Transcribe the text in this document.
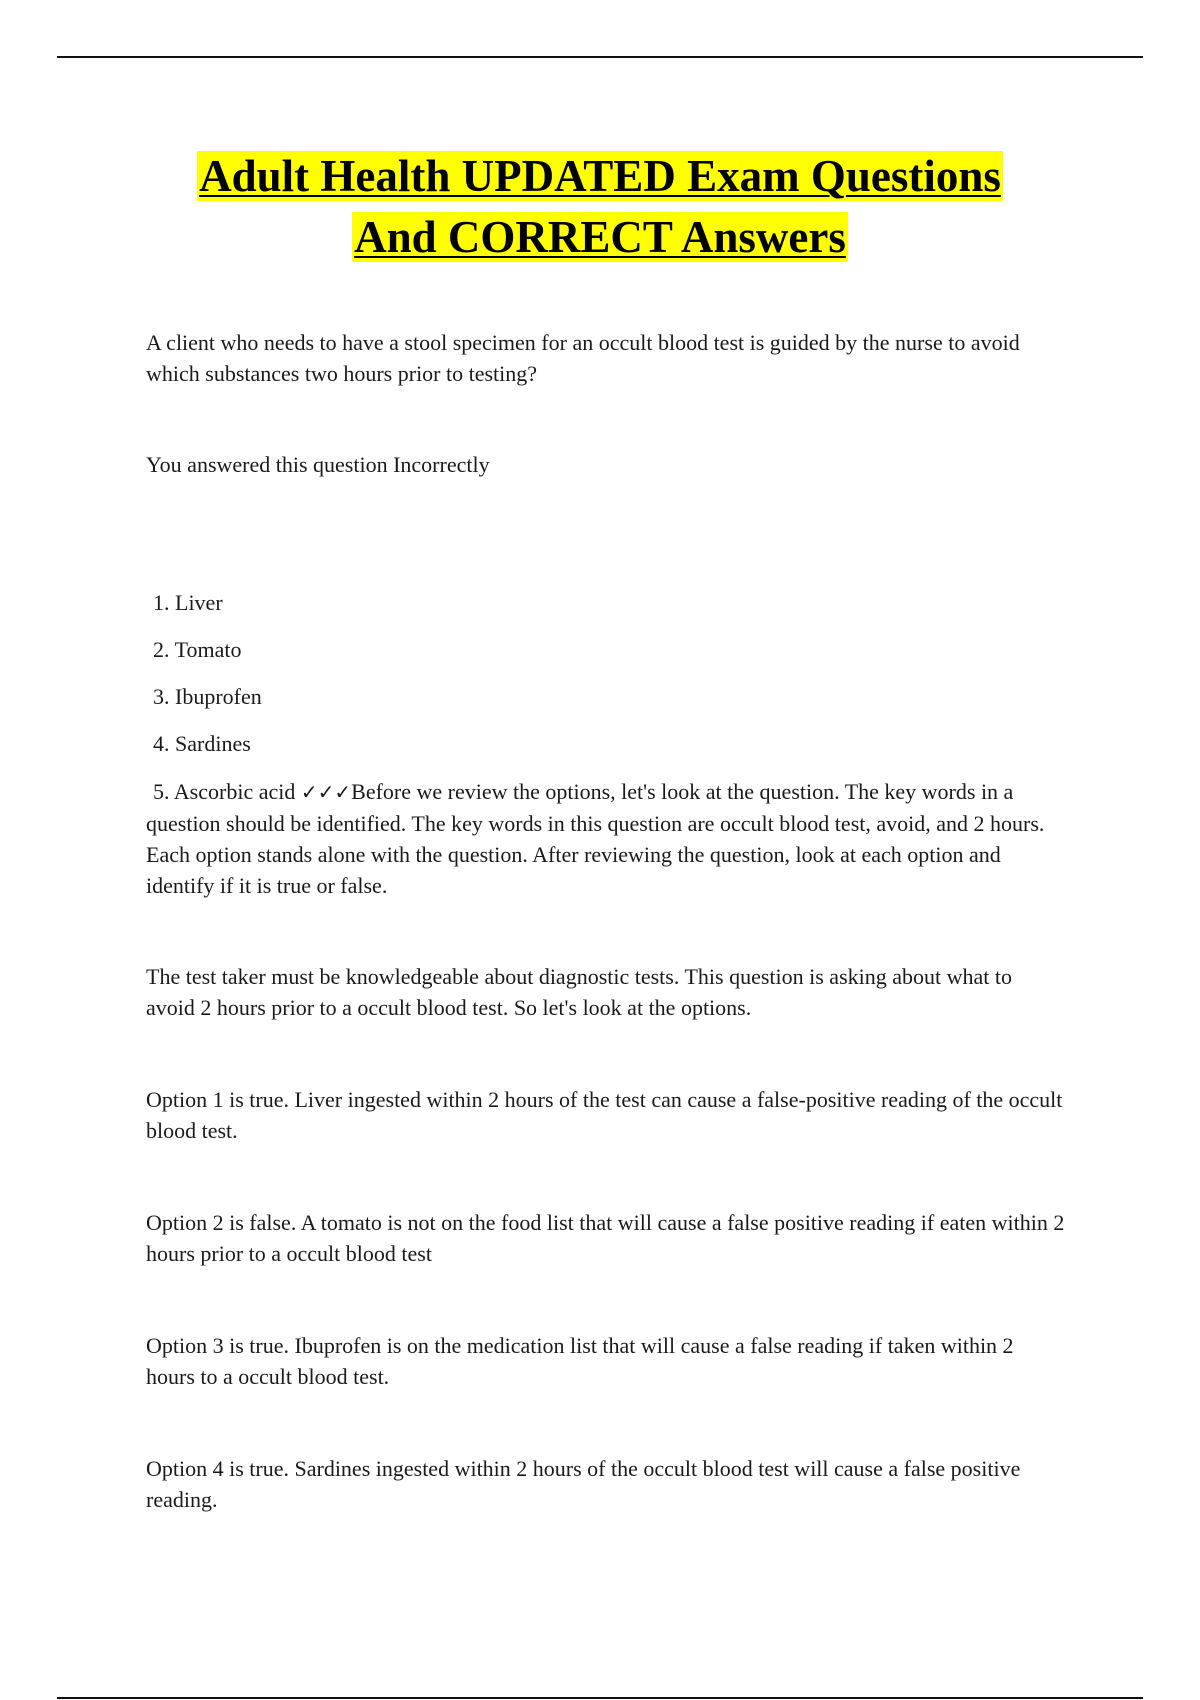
Adult Health UPDATED Exam Questions
And CORRECT Answers

A client who needs to have a stool specimen for an occult blood test is guided by the nurse to avoid which substances two hours prior to testing?

You answered this question Incorrectly

1. Liver
2. Tomato
3. Ibuprofen
4. Sardines

5. Ascorbic acid ✓✓✓Before we review the options, let's look at the question. The key words in a question should be identified. The key words in this question are occult blood test, avoid, and 2 hours. Each option stands alone with the question. After reviewing the question, look at each option and identify if it is true or false.

The test taker must be knowledgeable about diagnostic tests. This question is asking about what to avoid 2 hours prior to a occult blood test. So let's look at the options.

Option 1 is true. Liver ingested within 2 hours of the test can cause a false-positive reading of the occult blood test.

Option 2 is false. A tomato is not on the food list that will cause a false positive reading if eaten within 2 hours prior to a occult blood test

Option 3 is true. Ibuprofen is on the medication list that will cause a false reading if taken within 2 hours to a occult blood test.

Option 4 is true. Sardines ingested within 2 hours of the occult blood test will cause a false positive reading.
